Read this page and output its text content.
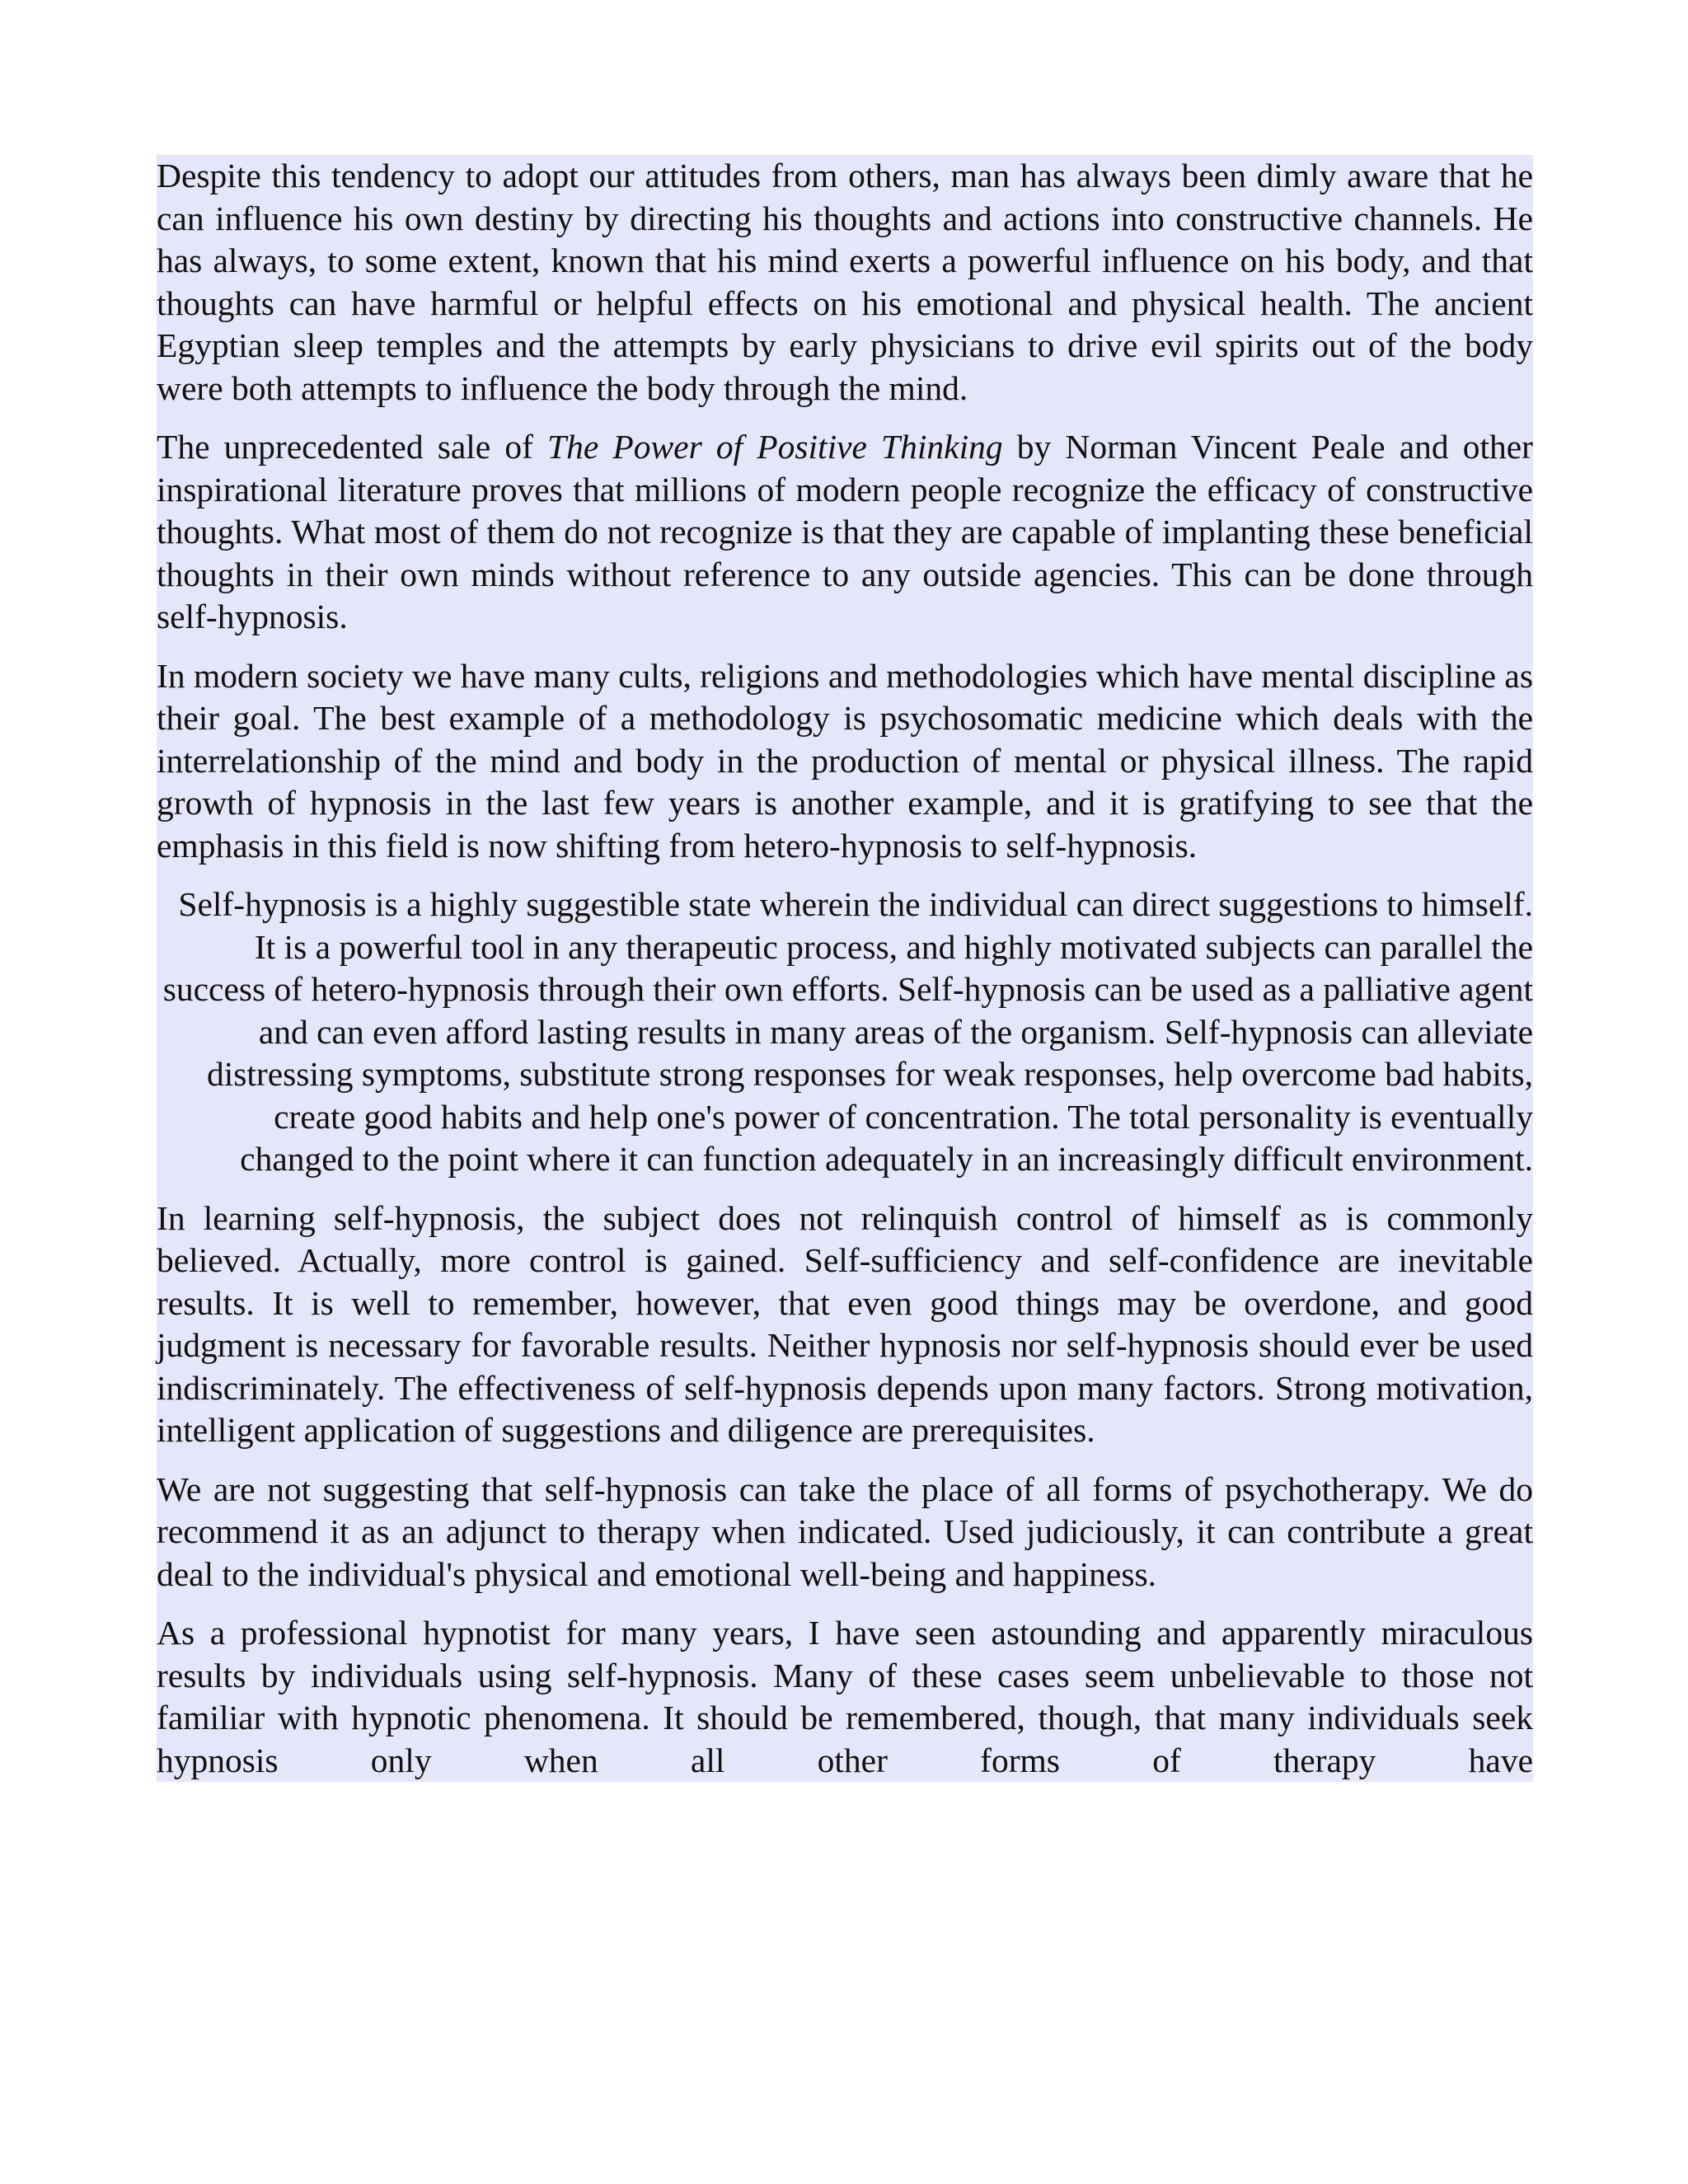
Despite this tendency to adopt our attitudes from others, man has always been dimly aware that he can influence his own destiny by directing his thoughts and actions into constructive channels. He has always, to some extent, known that his mind exerts a powerful influence on his body, and that thoughts can have harmful or helpful effects on his emotional and physical health. The ancient Egyptian sleep temples and the attempts by early physicians to drive evil spirits out of the body were both attempts to influence the body through the mind.

The unprecedented sale of The Power of Positive Thinking by Norman Vincent Peale and other inspirational literature proves that millions of modern people recognize the efficacy of constructive thoughts. What most of them do not recognize is that they are capable of implanting these beneficial thoughts in their own minds without reference to any outside agencies. This can be done through self-hypnosis.

In modern society we have many cults, religions and methodologies which have mental discipline as their goal. The best example of a methodology is psychosomatic medicine which deals with the interrelationship of the mind and body in the production of mental or physical illness. The rapid growth of hypnosis in the last few years is another example, and it is gratifying to see that the emphasis in this field is now shifting from hetero-hypnosis to self-hypnosis.

Self-hypnosis is a highly suggestible state wherein the individual can direct suggestions to himself. It is a powerful tool in any therapeutic process, and highly motivated subjects can parallel the success of hetero-hypnosis through their own efforts. Self-hypnosis can be used as a palliative agent and can even afford lasting results in many areas of the organism. Self-hypnosis can alleviate distressing symptoms, substitute strong responses for weak responses, help overcome bad habits, create good habits and help one's power of concentration. The total personality is eventually changed to the point where it can function adequately in an increasingly difficult environment.

In learning self-hypnosis, the subject does not relinquish control of himself as is commonly believed. Actually, more control is gained. Self-sufficiency and self-confidence are inevitable results. It is well to remember, however, that even good things may be overdone, and good judgment is necessary for favorable results. Neither hypnosis nor self-hypnosis should ever be used indiscriminately. The effectiveness of self-hypnosis depends upon many factors. Strong motivation, intelligent application of suggestions and diligence are prerequisites.

We are not suggesting that self-hypnosis can take the place of all forms of psychotherapy. We do recommend it as an adjunct to therapy when indicated. Used judiciously, it can contribute a great deal to the individual's physical and emotional well-being and happiness.

As a professional hypnotist for many years, I have seen astounding and apparently miraculous results by individuals using self-hypnosis. Many of these cases seem unbelievable to those not familiar with hypnotic phenomena. It should be remembered, though, that many individuals seek hypnosis only when all other forms of therapy have
